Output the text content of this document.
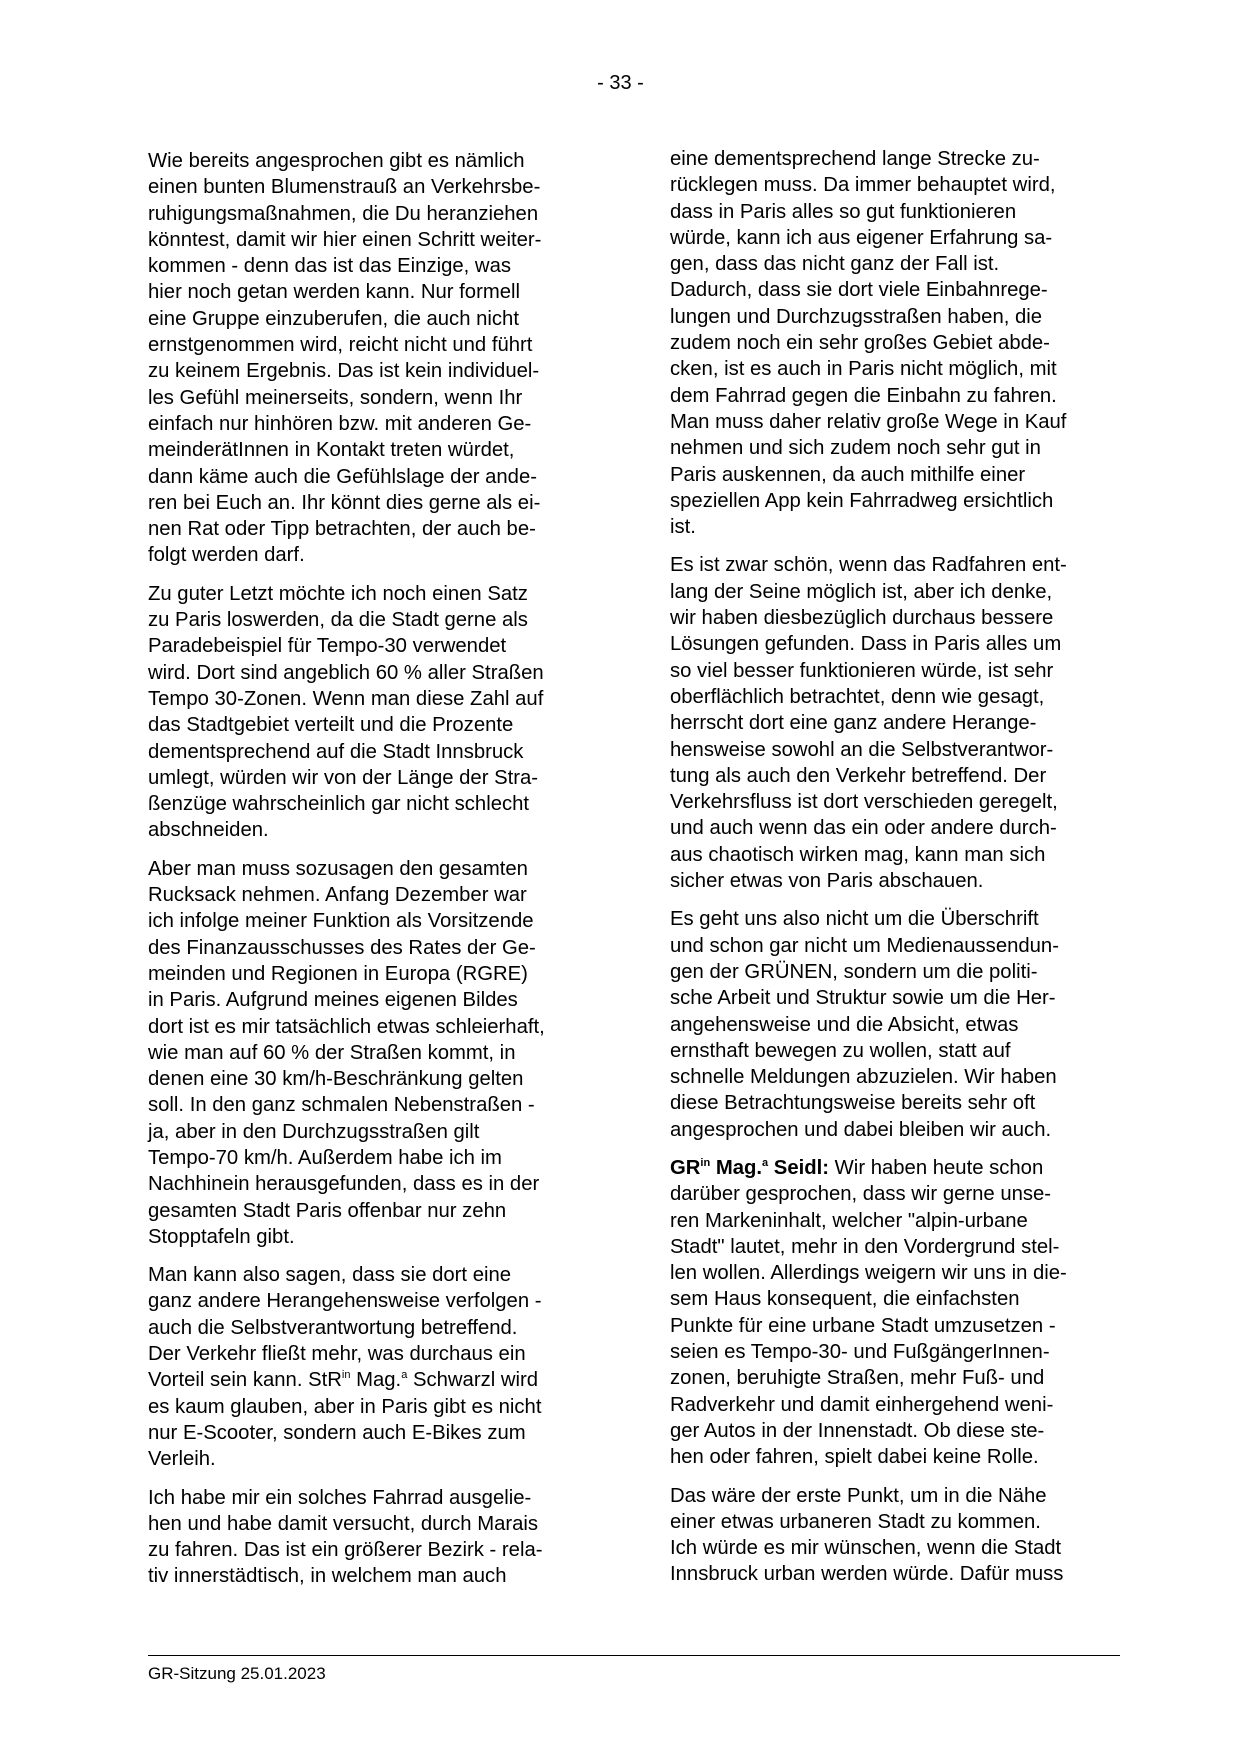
- 33 -

Wie bereits angesprochen gibt es nämlich
einen bunten Blumenstrauß an Verkehrsbe-
ruhigungsmaßnahmen, die Du heranziehen
könntest, damit wir hier einen Schritt weiter-
kommen - denn das ist das Einzige, was
hier noch getan werden kann. Nur formell
eine Gruppe einzuberufen, die auch nicht
ernstgenommen wird, reicht nicht und führt
zu keinem Ergebnis. Das ist kein individuel-
les Gefühl meinerseits, sondern, wenn Ihr
einfach nur hinhören bzw. mit anderen Ge-
meinderätInnen in Kontakt treten würdet,
dann käme auch die Gefühlslage der ande-
ren bei Euch an. Ihr könnt dies gerne als ei-
nen Rat oder Tipp betrachten, der auch be-
folgt werden darf.

Zu guter Letzt möchte ich noch einen Satz
zu Paris loswerden, da die Stadt gerne als
Paradebeispiel für Tempo-30 verwendet
wird. Dort sind angeblich 60 % aller Straßen
Tempo 30-Zonen. Wenn man diese Zahl auf
das Stadtgebiet verteilt und die Prozente
dementsprechend auf die Stadt Innsbruck
umlegt, würden wir von der Länge der Stra-
ßenzüge wahrscheinlich gar nicht schlecht
abschneiden.

Aber man muss sozusagen den gesamten
Rucksack nehmen. Anfang Dezember war
ich infolge meiner Funktion als Vorsitzende
des Finanzausschusses des Rates der Ge-
meinden und Regionen in Europa (RGRE)
in Paris. Aufgrund meines eigenen Bildes
dort ist es mir tatsächlich etwas schleierhaft,
wie man auf 60 % der Straßen kommt, in
denen eine 30 km/h-Beschränkung gelten
soll. In den ganz schmalen Nebenstraßen -
ja, aber in den Durchzugsstraßen gilt
Tempo-70 km/h. Außerdem habe ich im
Nachhinein herausgefunden, dass es in der
gesamten Stadt Paris offenbar nur zehn
Stopptafeln gibt.

Man kann also sagen, dass sie dort eine
ganz andere Herangehensweise verfolgen -
auch die Selbstverantwortung betreffend.
Der Verkehr fließt mehr, was durchaus ein
Vorteil sein kann. StR$^{in}$ Mag.$^a$ Schwarzl wird
es kaum glauben, aber in Paris gibt es nicht
nur E-Scooter, sondern auch E-Bikes zum
Verleih.

Ich habe mir ein solches Fahrrad ausgelie-
hen und habe damit versucht, durch Marais
zu fahren. Das ist ein größerer Bezirk - rela-
tiv innerstädtisch, in welchem man auch

eine dementsprechend lange Strecke zu-
rücklegen muss. Da immer behauptet wird,
dass in Paris alles so gut funktionieren
würde, kann ich aus eigener Erfahrung sa-
gen, dass das nicht ganz der Fall ist.
Dadurch, dass sie dort viele Einbahnrege-
lungen und Durchzugsstraßen haben, die
zudem noch ein sehr großes Gebiet abde-
cken, ist es auch in Paris nicht möglich, mit
dem Fahrrad gegen die Einbahn zu fahren.
Man muss daher relativ große Wege in Kauf
nehmen und sich zudem noch sehr gut in
Paris auskennen, da auch mithilfe einer
speziellen App kein Fahrradweg ersichtlich
ist.

Es ist zwar schön, wenn das Radfahren ent-
lang der Seine möglich ist, aber ich denke,
wir haben diesbezüglich durchaus bessere
Lösungen gefunden. Dass in Paris alles um
so viel besser funktionieren würde, ist sehr
oberflächlich betrachtet, denn wie gesagt,
herrscht dort eine ganz andere Herange-
hensweise sowohl an die Selbstverantwor-
tung als auch den Verkehr betreffend. Der
Verkehrsfluss ist dort verschieden geregelt,
und auch wenn das ein oder andere durch-
aus chaotisch wirken mag, kann man sich
sicher etwas von Paris abschauen.

Es geht uns also nicht um die Überschrift
und schon gar nicht um Medienaussendun-
gen der GRÜNEN, sondern um die politi-
sche Arbeit und Struktur sowie um die Her-
angehensweise und die Absicht, etwas
ernsthaft bewegen zu wollen, statt auf
schnelle Meldungen abzuzielen. Wir haben
diese Betrachtungsweise bereits sehr oft
angesprochen und dabei bleiben wir auch.

$GR^{in}$ Mag.$^a$ Seidl: Wir haben heute schon
darüber gesprochen, dass wir gerne unse-
ren Markeninhalt, welcher "alpin-urbane
Stadt" lautet, mehr in den Vordergrund stel-
len wollen. Allerdings weigern wir uns in die-
sem Haus konsequent, die einfachsten
Punkte für eine urbane Stadt umzusetzen -
seien es Tempo-30- und FußgängerInnen-
zonen, beruhigte Straßen, mehr Fuß- und
Radverkehr und damit einhergehend weni-
ger Autos in der Innenstadt. Ob diese ste-
hen oder fahren, spielt dabei keine Rolle.

Das wäre der erste Punkt, um in die Nähe
einer etwas urbaneren Stadt zu kommen.
Ich würde es mir wünschen, wenn die Stadt
Innsbruck urban werden würde. Dafür muss

GR-Sitzung 25.01.2023
